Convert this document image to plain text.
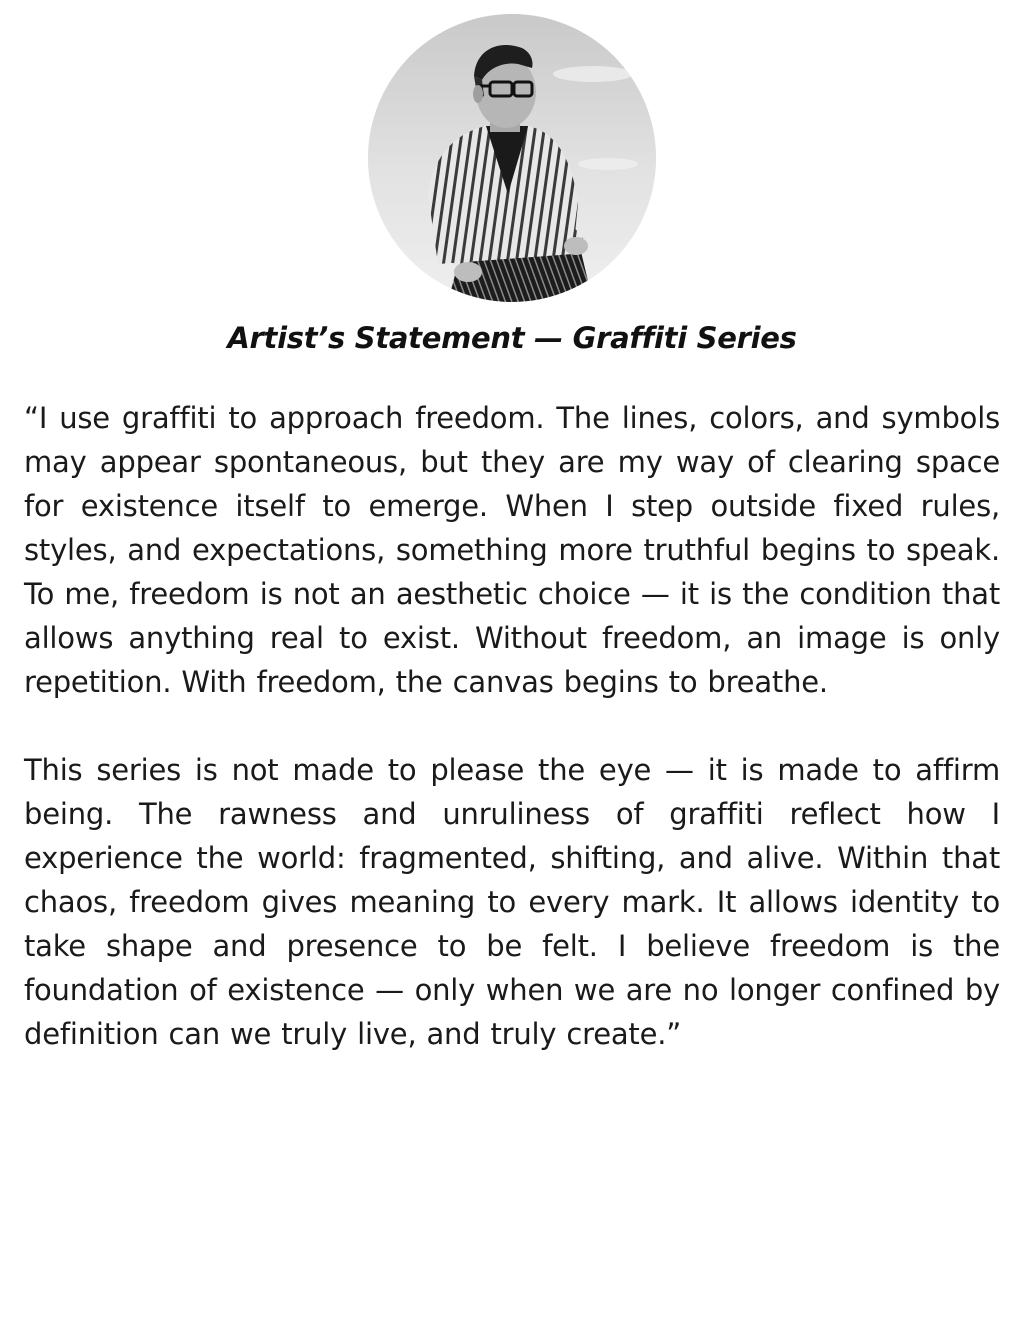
Artist’s Statement — Graffiti Series

“I use graffiti to approach freedom. The lines, colors, and symbols may appear spontaneous, but they are my way of clearing space for existence itself to emerge. When I step outside fixed rules, styles, and expectations, something more truthful begins to speak. To me, freedom is not an aesthetic choice — it is the condition that allows anything real to exist. Without freedom, an image is only repetition. With freedom, the canvas begins to breathe.

This series is not made to please the eye — it is made to affirm being. The rawness and unruliness of graffiti reflect how I experience the world: fragmented, shifting, and alive. Within that chaos, freedom gives meaning to every mark. It allows identity to take shape and presence to be felt. I believe freedom is the foundation of existence — only when we are no longer confined by definition can we truly live, and truly create.”
